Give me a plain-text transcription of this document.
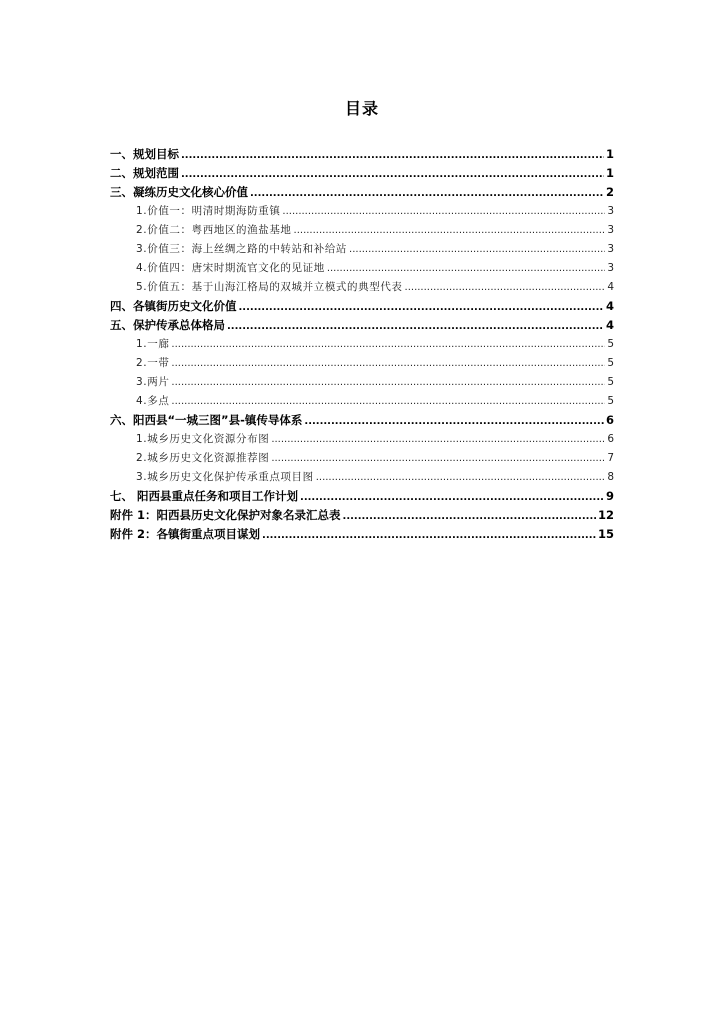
目录
一、规划目标 .....	1
二、规划范围 .....	1
三、凝练历史文化核心价值 .....	2
1.价值一：明清时期海防重镇 .....	3
2.价值二：粤西地区的渔盐基地 .....	3
3.价值三：海上丝绸之路的中转站和补给站 .....	3
4.价值四：唐宋时期流官文化的见证地 .....	3
5.价值五：基于山海江格局的双城并立模式的典型代表 .....	4
四、各镇街历史文化价值 .....	4
五、保护传承总体格局 .....	4
1.一廊 .....	5
2.一带 .....	5
3.两片 .....	5
4.多点 .....	5
六、阳西县“一城三图”县-镇传导体系 .....	6
1.城乡历史文化资源分布图 .....	6
2.城乡历史文化资源推荐图 .....	7
3.城乡历史文化保护传承重点项目图 .....	8
七、 阳西县重点任务和项目工作计划 .....	9
附件 1：阳西县历史文化保护对象名录汇总表 .....	12
附件 2：各镇街重点项目谋划 .....	15
